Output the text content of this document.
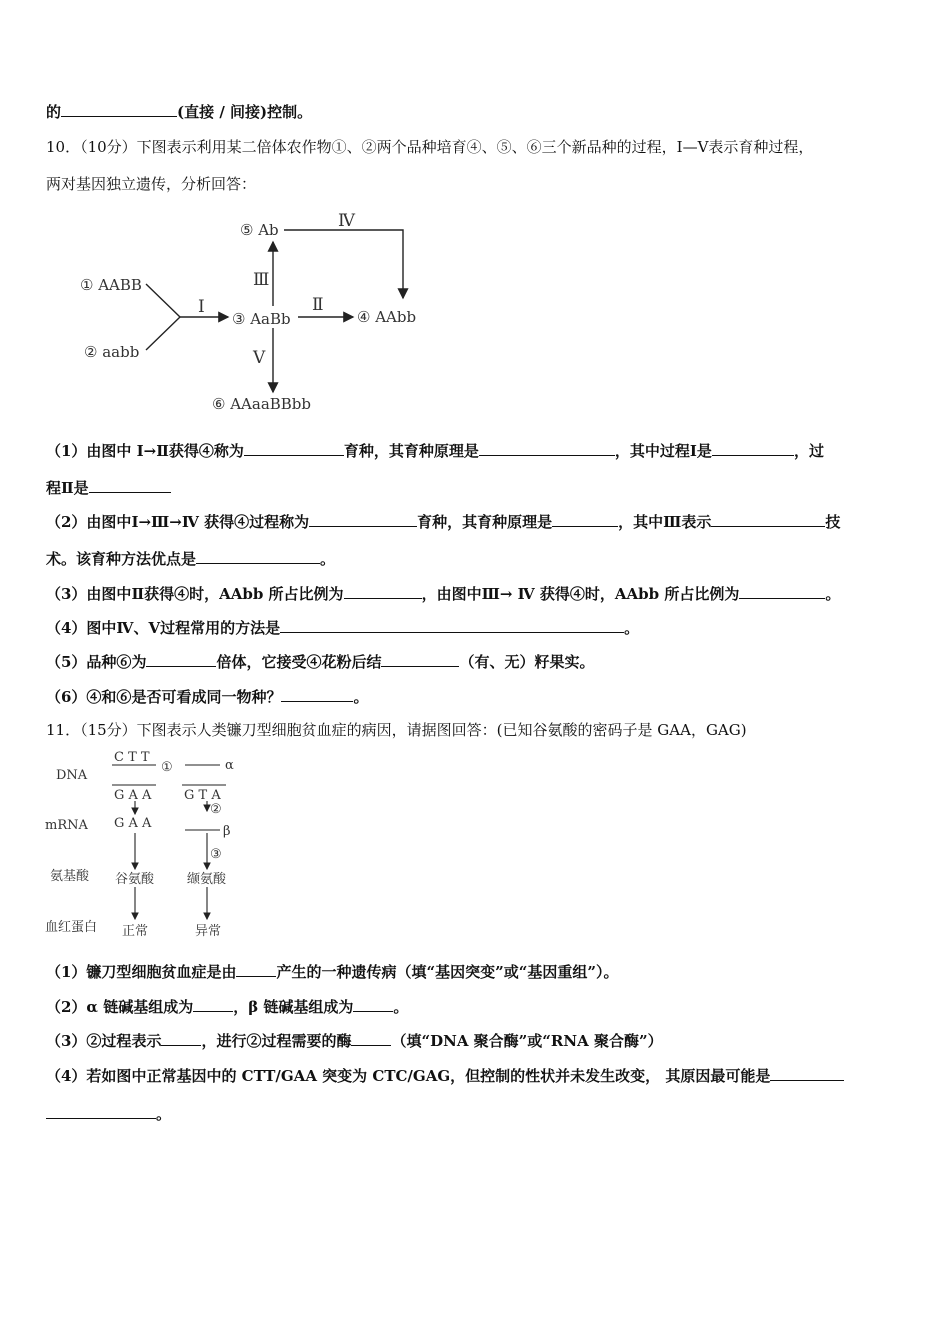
的	(直接 / 间接)控制。
10．（10分）下图表示利用某二倍体农作物①、②两个品种培育④、⑤、⑥三个新品种的过程，Ⅰ—Ⅴ表示育种过程，
两对基因独立遗传，分析回答：
① AABB
② aabb
③ AaBb	④ AAbb
⑤ Ab
⑥ AAaaBBbb
Ⅰ	Ⅱ
Ⅲ
Ⅳ
Ⅴ
（1）由图中 Ⅰ→Ⅱ获得④称为	育种，其育种原理是	，其中过程Ⅰ是	，过
程Ⅱ是
（2）由图中Ⅰ→Ⅲ→Ⅳ 获得④过程称为	育种，其育种原理是	，其中Ⅲ表示	技
术。该育种方法优点是	。
（3）由图中Ⅱ获得④时，AAbb 所占比例为	，由图中Ⅲ→ Ⅳ 获得④时，AAbb 所占比例为	。
（4）图中Ⅳ、Ⅴ过程常用的方法是	。
（5）品种⑥为	倍体，它接受④花粉后结	（有、无）籽果实。
（6）④和⑥是否可看成同一物种？	。
11．（15分）下图表示人类镰刀型细胞贫血症的病因，请据图回答：(已知谷氨酸的密码子是 GAA，GAG)
DNA
mRNA
氨基酸
血红蛋白
C T T
G A A
G A A
G T A
①
②
③
α
β
谷氨酸	缬氨酸
正常	异常
（1）镰刀型细胞贫血症是由	产生的一种遗传病（填“基因突变”或“基因重组”）。
（2）α 链碱基组成为	，β 链碱基组成为	。
（3）②过程表示	，进行②过程需要的酶	（填“DNA 聚合酶”或“RNA 聚合酶”）
（4）若如图中正常基因中的 CTT/GAA 突变为 CTC/GAG，但控制的性状并未发生改变， 其原因最可能是
。
